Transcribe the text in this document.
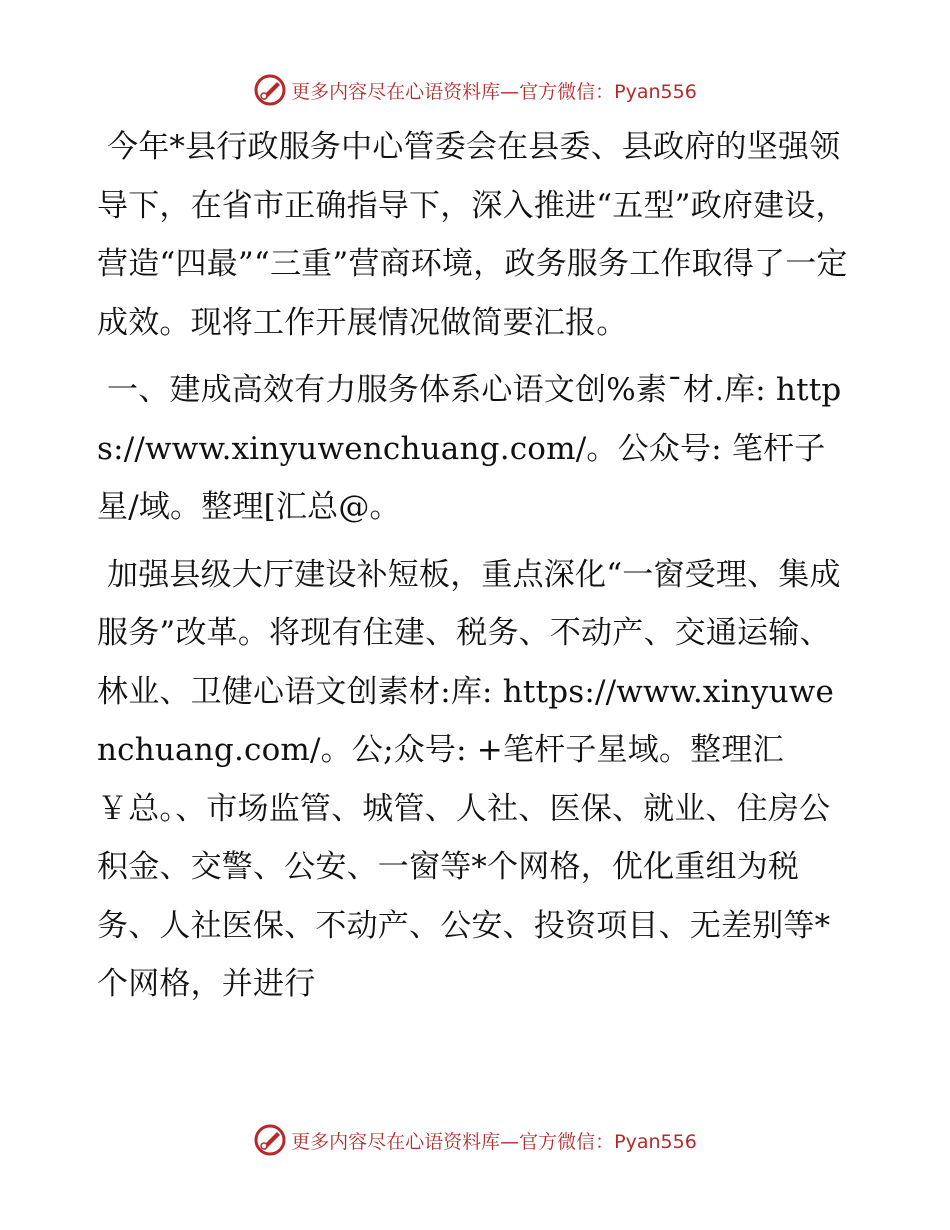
更多内容尽在心语资料库—官方微信：Pyan556

今年*县行政服务中心管委会在县委、县政府的坚强领导下，在省市正确指导下，深入推进“五型”政府建设，营造“四最”“三重”营商环境，政务服务工作取得了一定成效。现将工作开展情况做简要汇报。

一、建成高效有力服务体系心语文创%素¯材.库: https://www.xinyuwenchuang.com/。公众号: 笔杆子星/域。整理[汇总@。

加强县级大厅建设补短板，重点深化“一窗受理、集成服务”改革。将现有住建、税务、不动产、交通运输、林业、卫健心语文创素材:库: https://www.xinyuwenchuang.com/。公;众号: +笔杆子星域。整理汇￥总。、市场监管、城管、人社、医保、就业、住房公积金、交警、公安、一窗等*个网格，优化重组为税务、人社医保、不动产、公安、投资项目、无差别等*个网格，并进行

更多内容尽在心语资料库—官方微信：Pyan556
